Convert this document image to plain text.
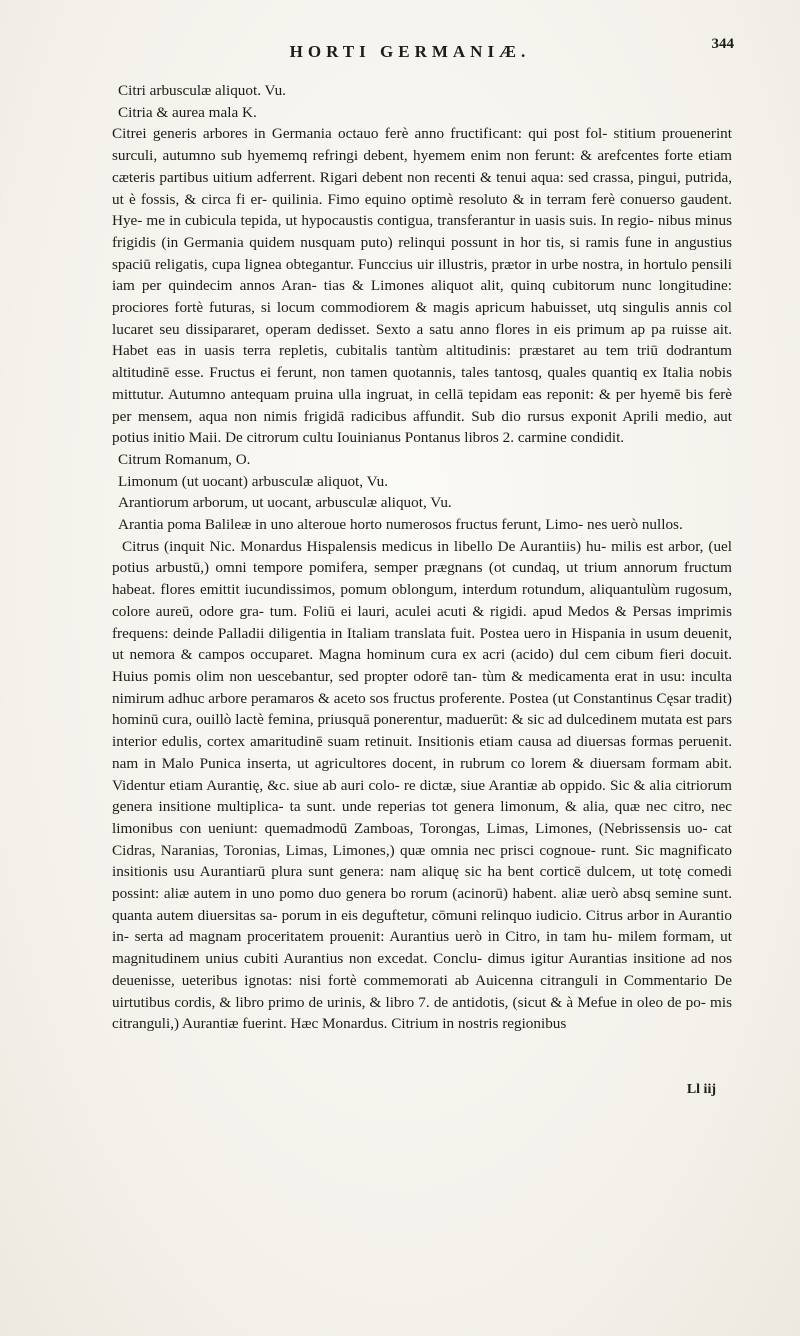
HORTI GERMANIÆ.	344

Citri arbusculæ aliquot. Vu.

Citria & aurea mala K.

Citrei generis arbores in Germania octauo ferè anno fructificant: qui post fol- stitium prouenerint surculi, autumno sub hyememq refringi debent, hyemem enim non ferunt: & arefcentes forte etiam cæteris partibus uitium adferrent. Rigari debent non recenti & tenui aqua: sed crassa, pingui, putrida, ut è fossis, & circa fi er- quilinia. Fimo equino optimè resoluto & in terram ferè conuerso gaudent. Hye- me in cubicula tepida, ut hypocaustis contigua, transferantur in uasis suis. In regio- nibus minus frigidis (in Germania quidem nusquam puto) relinqui possunt in hor tis, si ramis fune in angustius spaciū religatis, cupa lignea obtegantur. Funccius uir illustris, prætor in urbe nostra, in hortulo pensili iam per quindecim annos Aran- tias & Limones aliquot alit, quinq cubitorum nunc longitudine: prociores fortè futuras, si locum commodiorem & magis apricum habuisset, utq singulis annis col lucaret seu dissipararet, operam dedisset. Sexto a satu anno flores in eis primum ap pa ruisse ait. Habet eas in uasis terra repletis, cubitalis tantùm altitudinis: præstaret au tem triū dodrantum altitudinē esse. Fructus ei ferunt, non tamen quotannis, tales tantosq, quales quantiq ex Italia nobis mittutur. Autumno antequam pruina ulla ingruat, in cellā tepidam eas reponit: & per hyemē bis ferè per mensem, aqua non nimis frigidā radicibus affundit. Sub dio rursus exponit Aprili medio, aut potius initio Maii. De citrorum cultu Iouinianus Pontanus libros 2. carmine condidit.

Citrum Romanum, O.

Limonum (ut uocant) arbusculæ aliquot, Vu.

Arantiorum arborum, ut uocant, arbusculæ aliquot, Vu.

Arantia poma Balileæ in uno alteroue horto numerosos fructus ferunt, Limo- nes uerò nullos.

Citrus (inquit Nic. Monardus Hispalensis medicus in libello De Aurantiis) hu- milis est arbor, (uel potius arbustū,) omni tempore pomifera, semper prægnans (ot cundaq, ut trium annorum fructum habeat. flores emittit iucundissimos, pomum oblongum, interdum rotundum, aliquantulùm rugosum, colore aureū, odore gra- tum. Foliū ei lauri, aculei acuti & rigidi. apud Medos & Persas imprimis frequens: deinde Palladii diligentia in Italiam translata fuit. Postea uero in Hispania in usum deuenit, ut nemora & campos occuparet. Magna hominum cura ex acri (acido) dul cem cibum fieri docuit. Huius pomis olim non uescebantur, sed propter odorē tan- tùm & medicamenta erat in usu: inculta nimirum adhuc arbore peramaros & aceto sos fructus proferente. Postea (ut Constantinus Cęsar tradit) hominū cura, ouillò lactè femina, priusquā ponerentur, maduerūt: & sic ad dulcedinem mutata est pars interior edulis, cortex amaritudinē suam retinuit. Insitionis etiam causa ad diuersas formas peruenit. nam in Malo Punica inserta, ut agricultores docent, in rubrum co lorem & diuersam formam abit. Videntur etiam Aurantię, &c. siue ab auri colo- re dictæ, siue Arantiæ ab oppido. Sic & alia citriorum genera insitione multiplica- ta sunt. unde reperias tot genera limonum, & alia, quæ nec citro, nec limonibus con ueniunt: quemadmodū Zamboas, Torongas, Limas, Limones, (Nebrissensis uo- cat Cidras, Naranias, Toronias, Limas, Limones,) quæ omnia nec prisci cognoue- runt. Sic magnificato insitionis usu Aurantiarū plura sunt genera: nam aliquę sic ha bent corticē dulcem, ut totę comedi possint: aliæ autem in uno pomo duo genera bo rorum (acinorū) habent. aliæ uerò absq semine sunt. quanta autem diuersitas sa- porum in eis deguftetur, cōmuni relinquo iudicio. Citrus arbor in Aurantio in- serta ad magnam proceritatem prouenit: Aurantius uerò in Citro, in tam hu- milem formam, ut magnitudinem unius cubiti Aurantius non excedat. Conclu- dimus igitur Aurantias insitione ad nos deuenisse, ueteribus ignotas: nisi fortè commemorati ab Auicenna citranguli in Commentario De uirtutibus cordis, & libro primo de urinis, & libro 7. de antidotis, (sicut & à Mefue in oleo de po- mis citranguli,) Aurantiæ fuerint. Hæc Monardus. Citrium in nostris regionibus

Ll iij
